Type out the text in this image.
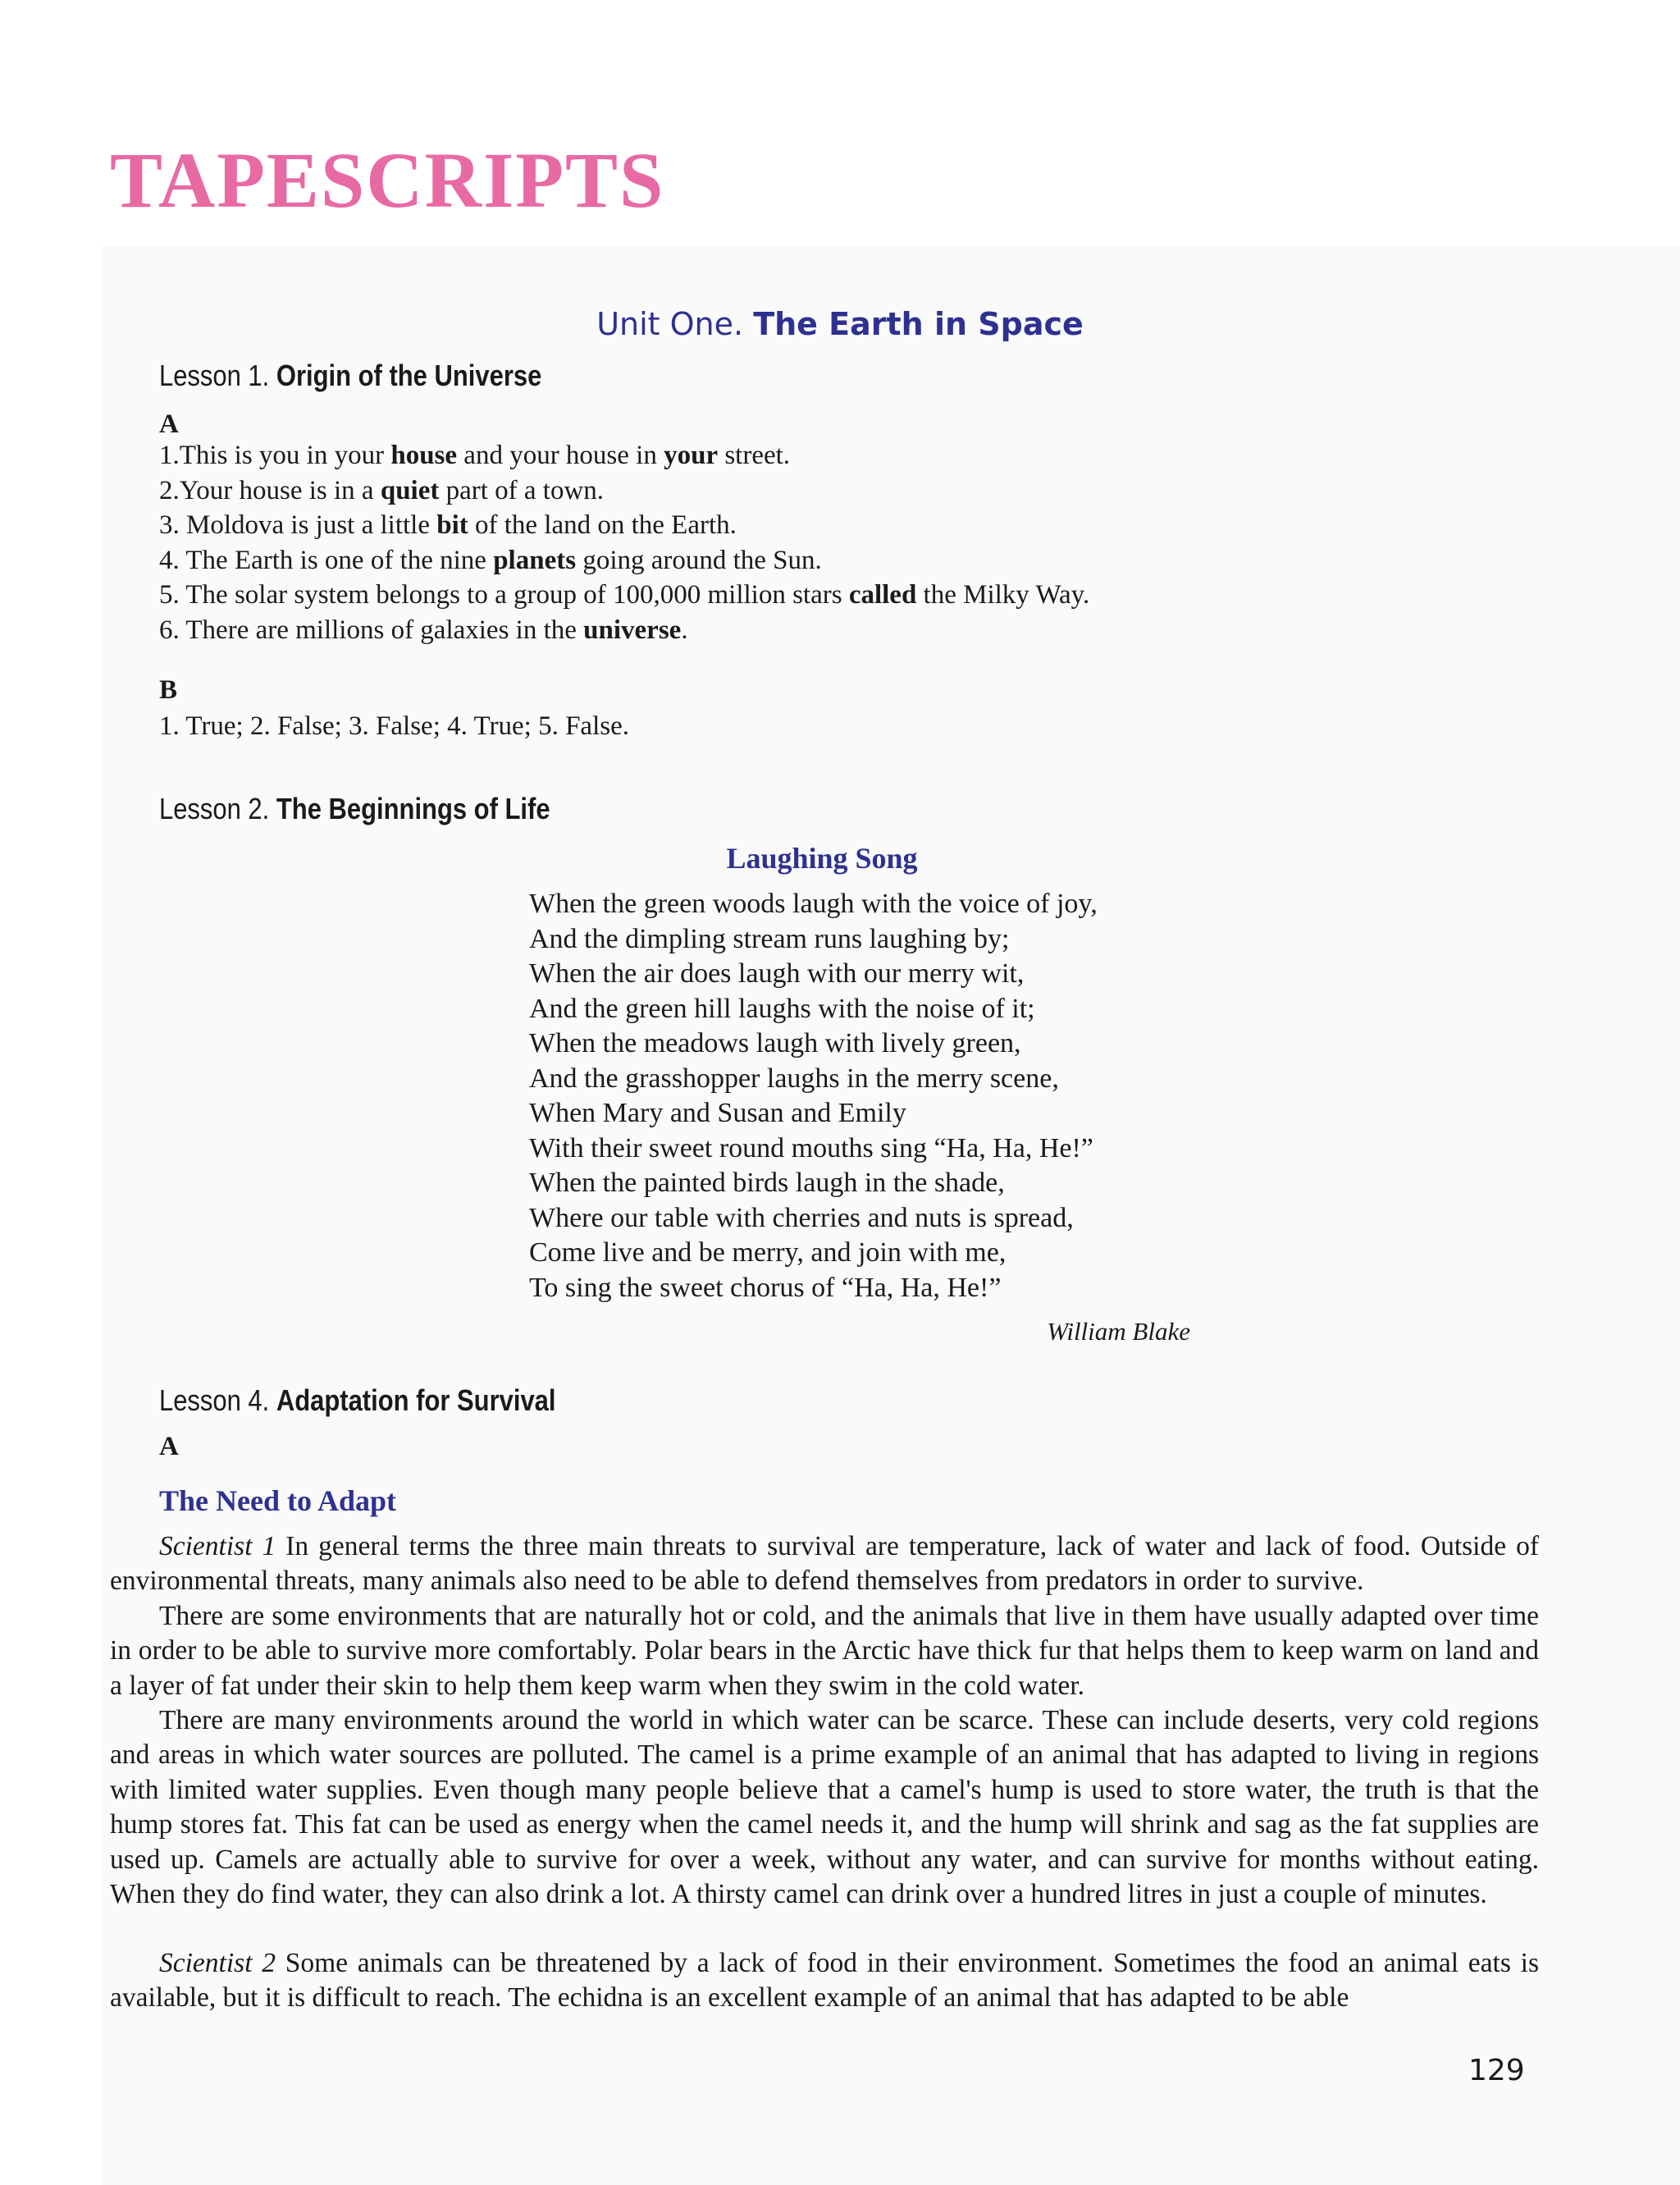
TAPESCRIPTS
Unit One. The Earth in Space
Lesson 1. Origin of the Universe
A
1.This is you in your house and your house in your street.
2.Your house is in a quiet part of a town.
3. Moldova is just a little bit of the land on the Earth.
4. The Earth is one of the nine planets going around the Sun.
5. The solar system belongs to a group of 100,000 million stars called the Milky Way.
6. There are millions of galaxies in the universe.
B
1. True; 2. False; 3. False; 4. True; 5. False.
Lesson 2. The Beginnings of Life
Laughing Song
When the green woods laugh with the voice of joy,
And the dimpling stream runs laughing by;
When the air does laugh with our merry wit,
And the green hill laughs with the noise of it;
When the meadows laugh with lively green,
And the grasshopper laughs in the merry scene,
When Mary and Susan and Emily
With their sweet round mouths sing “Ha, Ha, He!”
When the painted birds laugh in the shade,
Where our table with cherries and nuts is spread,
Come live and be merry, and join with me,
To sing the sweet chorus of “Ha, Ha, He!”
William Blake
Lesson 4. Adaptation for Survival
A
The Need to Adapt

Scientist 1 In general terms the three main threats to survival are temperature, lack of water and lack of food. Outside of environmental threats, many animals also need to be able to defend themselves from predators in order to survive.

There are some environments that are naturally hot or cold, and the animals that live in them have usually adapted over time in order to be able to survive more comfortably. Polar bears in the Arctic have thick fur that helps them to keep warm on land and a layer of fat under their skin to help them keep warm when they swim in the cold water.

There are many environments around the world in which water can be scarce. These can include deserts, very cold regions and areas in which water sources are polluted. The camel is a prime example of an animal that has adapted to living in regions with limited water supplies. Even though many people believe that a camel's hump is used to store water, the truth is that the hump stores fat. This fat can be used as energy when the camel needs it, and the hump will shrink and sag as the fat supplies are used up. Camels are actually able to survive for over a week, without any water, and can survive for months without eating. When they do find water, they can also drink a lot. A thirsty camel can drink over a hundred litres in just a couple of minutes.

Scientist 2 Some animals can be threatened by a lack of food in their environment. Sometimes the food an animal eats is available, but it is difficult to reach. The echidna is an excellent example of an animal that has adapted to be able

129
